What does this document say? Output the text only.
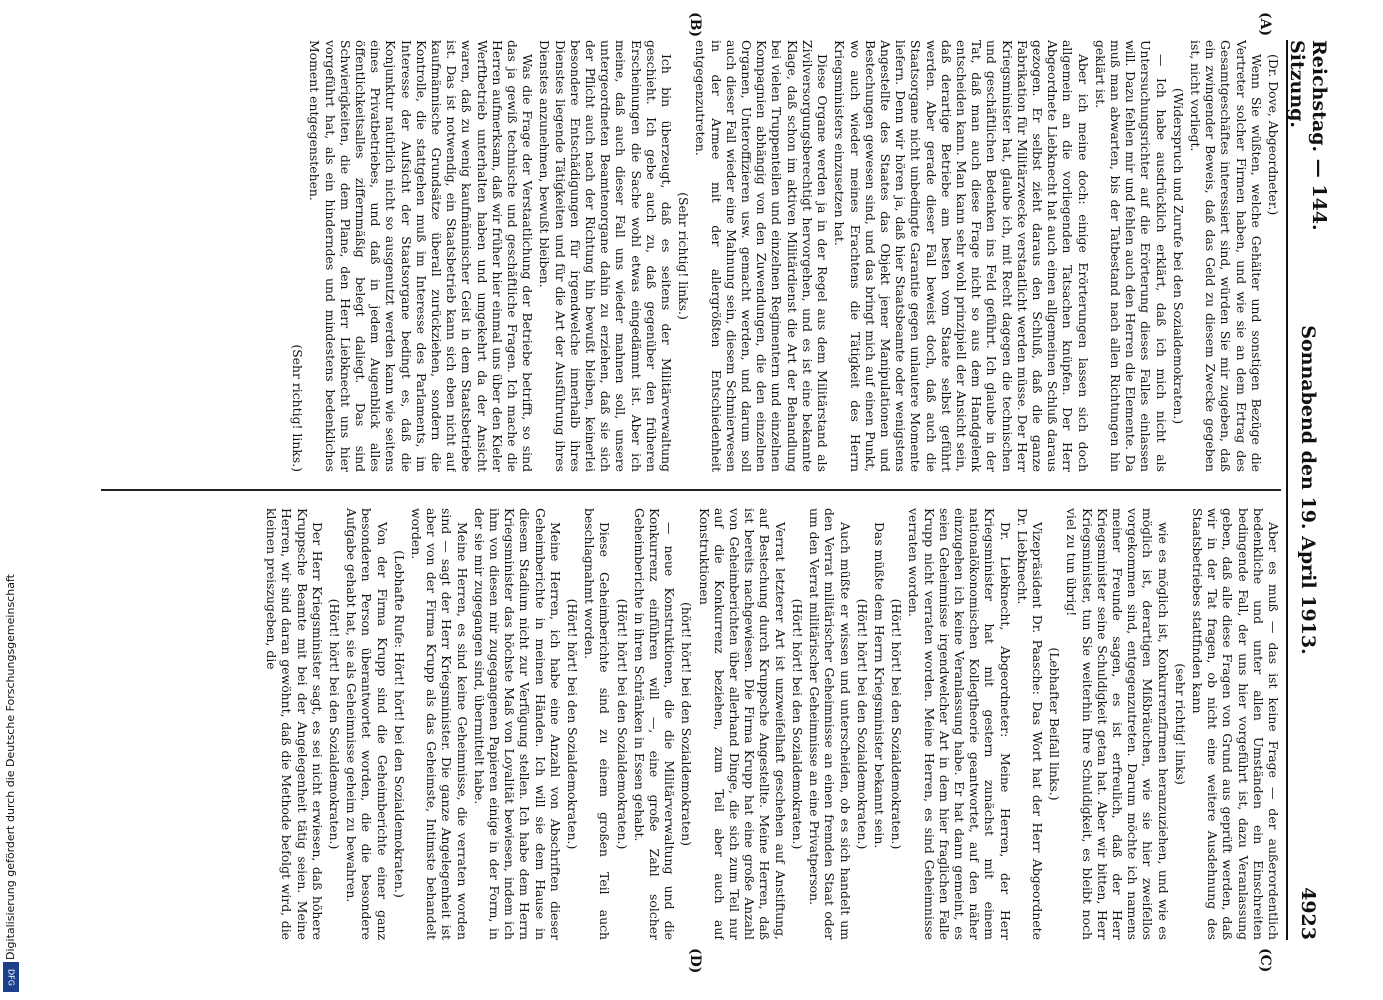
Reichstag. — 144. Sitzung.
Sonnabend den 19. April 1913.
4923
(A)
(B)
(C)
(D)

(Dr. Dove, Abgeordneter.)

Wenn Sie wüßten, welche Gehälter und sonstigen Bezüge die Vertreter solcher Firmen haben, und wie sie an dem Ertrag des Gesamtgeschäftes interessiert sind, würden Sie mir zugeben, daß ein zwingender Beweis, daß das Geld zu diesem Zwecke gegeben ist, nicht vorliegt.

(Widerspruch und Zurufe bei den Sozialdemokraten.)

— Ich habe ausdrücklich erklärt, daß ich mich nicht als Untersuchungsrichter auf die Erörterung dieses Falles einlassen will. Dazu fehlen mir und fehlen auch den Herren die Elemente. Da muß man abwarten, bis der Tatbestand nach allen Richtungen hin geklärt ist.

Aber ich meine doch: einige Erörterungen lassen sich doch allgemein an die vorliegenden Tatsachen knüpfen. Der Herr Abgeordnete Liebknecht hat auch einen allgemeinen Schluß daraus gezogen. Er selbst zieht daraus den Schluß, daß die ganze Fabrikation für Militärzwecke verstaatlicht werden müsse. Der Herr Kriegsminister hat, glaube ich, mit Recht dagegen die technischen und geschäftlichen Bedenken ins Feld geführt. Ich glaube in der Tat, daß man auch diese Frage nicht so aus dem Handgelenk entscheiden kann. Man kann sehr wohl prinzipiell der Ansicht sein, daß derartige Betriebe am besten vom Staate selbst geführt werden. Aber gerade dieser Fall beweist doch, daß auch die Staatsorgane nicht unbedingte Garantie gegen unlautere Momente liefern. Denn wir hören ja, daß hier Staatsbeamte oder wenigstens Angestellte des Staates das Objekt jener Manipulationen und Bestechungen gewesen sind, und das bringt mich auf einen Punkt, wo auch wieder meines Erachtens die Tätigkeit des Herrn Kriegsministers einzusetzen hat.

Diese Organe werden ja in der Regel aus dem Militärstand als Zivilversorgungsberechtigt hervorgehen, und es ist eine bekannte Klage, daß schon im aktiven Militärdienst die Art der Behandlung bei vielen Truppenteilen und einzelnen Regimentern und einzelnen Kompagnien abhängig von den Zuwendungen, die den einzelnen Organen, Unteroffizieren usw. gemacht werden, und darum soll auch dieser Fall wieder eine Mahnung sein, diesem Schmierwesen in der Armee mit der allergrößten Entschiedenheit entgegenzutreten.

(Sehr richtig! links.)

Ich bin überzeugt, daß es seitens der Militärverwaltung geschieht. Ich gebe auch zu, daß gegenüber den früheren Erscheinungen die Sache wohl etwas eingedämmt ist. Aber ich meine, daß auch dieser Fall uns wieder mahnen soll, unsere untergeordneten Beamtenorgane dahin zu erziehen, daß sie sich der Pflicht auch nach der Richtung hin bewußt bleiben, keinerlei besondere Entschädigungen für irgendwelche innerhalb ihres Dienstes liegende Tätigkeiten und für die Art der Ausführung ihres Dienstes anzunehmen, bewußt bleiben.

Was die Frage der Verstaatlichung der Betriebe betrifft, so sind das ja gewiß technische und geschäftliche Fragen. Ich mache die Herren aufmerksam, daß wir früher hier einmal uns über den Kieler Werftbetrieb unterhalten haben und umgekehrt da der Ansicht waren, daß zu wenig kaufmännischer Geist in dem Staatsbetriebe ist. Das ist notwendig, ein Staatsbetrieb kann sich eben nicht auf kaufmännische Grundsätze überall zurückziehen, sondern die Kontrolle, die stattgehen muß im Interesse des Parlaments, im Interesse der Aufsicht der Staatsorgane bedingt es, daß die Konjunktur natürlich nicht so ausgenutzt werden kann wie seitens eines Privatbetriebes, und daß in jedem Augenblick alles öffentlichkeitsalles ziffernmäßig belegt daliegt. Das sind Schwierigkeiten, die dem Plane, den Herr Liebknecht uns hier vorgeführt hat, als ein hinderndes und mindestens bedenkliches Moment entgegenstehen.

(Sehr richtig! links.)

Aber es muß — das ist keine Frage — der außerordentlich bedenkliche und unter allen Umständen ein Einschreiten bedingende Fall, der uns hier vorgeführt ist, dazu Veranlassung geben, daß alle diese Fragen von Grund aus geprüft werden, daß wir in der Tat fragen, ob nicht eine weitere Ausdehnung des Staatsbetriebes stattfinden kann

(sehr richtig! links)

wie es möglich ist, Konkurrenzfirmen heranzuziehen, und wie es möglich ist, derartigen Mißbräuchen, wie sie hier zweifellos vorgekommen sind, entgegenzutreten. Darum möchte ich namens meiner Freunde sagen, es ist erfreulich, daß der Herr Kriegsminister seine Schuldigkeit getan hat. Aber wir bitten, Herr Kriegsminister, tun Sie weiterhin Ihre Schuldigkeit, es bleibt noch viel zu tun übrig!

(Lebhafter Beifall links.)

Vizepräsident Dr. Paasche: Das Wort hat der Herr Abgeordnete Dr. Liebknecht.

Dr. Liebknecht, Abgeordneter: Meine Herren, der Herr Kriegsminister hat mit gestern zunächst mit einem nationalökonomischen Kollegtheorie geantwortet, auf den näher einzugehen ich keine Veranlassung habe. Er hat dann gemeint, es seien Geheimnisse irgendwelcher Art in dem hier fraglichen Falle Krupp nicht verraten worden. Meine Herren, es sind Geheimnisse verraten worden.

(Hört! hört! bei den Sozialdemokraten.)

Das müßte dem Herrn Kriegsminister bekannt sein.

(Hört! hört! bei den Sozialdemokraten.)

Auch müßte er wissen und unterscheiden, ob es sich handelt um den Verrat militärischer Geheimnisse an einen fremden Staat oder um den Verrat militärischer Geheimnisse an eine Privatperson.

(Hört! hört! bei den Sozialdemokraten.)

Verrat letzterer Art ist unzweifelhaft geschehen auf Anstiftung, auf Bestechung durch Kruppsche Angestellte. Meine Herren, daß ist bereits nachgewiesen. Die Firma Krupp hat eine große Anzahl von Geheimberichten über allerhand Dinge, die sich zum Teil nur auf die Konkurrenz beziehen, zum Teil aber auch auf Konstruktionen

(hört! hört! bei den Sozialdemokraten)

— neue Konstruktionen, die die Militärverwaltung und die Konkurrenz einführen will —, eine große Zahl solcher Geheimberichte in ihren Schränken in Essen gehabt.

(Hört! hört! bei den Sozialdemokraten.)

Diese Geheimberichte sind zu einem großen Teil auch beschlagnahmt worden.

(Hört! hört! bei den Sozialdemokraten.)

Meine Herren, ich habe eine Anzahl von Abschriften dieser Geheimberichte in meinen Händen. Ich will sie dem Hause in diesem Stadium nicht zur Verfügung stellen. Ich habe dem Herrn Kriegsminister das höchste Maß von Loyalität bewiesen, indem ich ihm von diesen mir zugegangenen Papieren einige in der Form, in der sie mir zugegangen sind, übermittelt habe.

Meine Herren, es sind keine Geheimnisse, die verraten worden sind — sagt der Herr Kriegsminister. Die ganze Angelegenheit ist aber von der Firma Krupp als das Geheimste, Intimste behandelt worden.

(Lebhafte Rufe: Hört! hört! bei den Sozialdemokraten.)

Von der Firma Krupp sind die Geheimberichte einer ganz besonderen Person überantwortet worden, die die besondere Aufgabe gehabt hat, sie als Geheimnisse geheim zu bewahren.

(Hört! hört! bei den Sozialdemokraten.)

Der Herr Kriegsminister sagt, es sei nicht erwiesen, daß höhere Kruppsche Beamte mit bei der Angelegenheit tätig seien. Meine Herren, wir sind daran gewöhnt, daß die Methode befolgt wird, die kleinen preiszugeben, die

Digitalisierung gefördert durch die Deutsche Forschungsgemeinschaft
DFG
